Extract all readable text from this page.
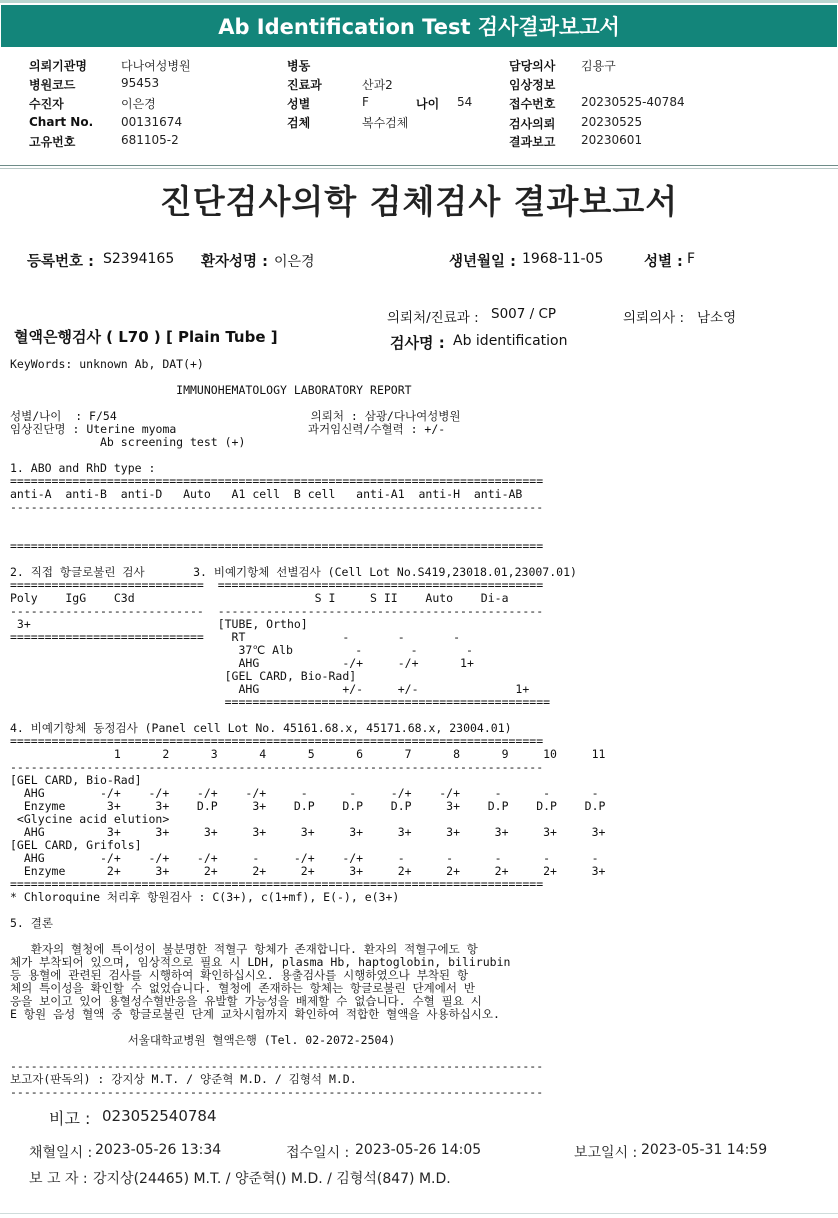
Ab Identification Test 검사결과보고서
의뢰기관명	다나여성병원
병원코드	95453
수진자	이은경
Chart No. 00131674
고유번호	681105-2
병동
진료과	산과2
성별	F	나이 54
검체	복수검체
담당의사 김용구
임상정보
접수번호 20230525-40784
검사의뢰 20230525
결과보고 20230601
진단검사의학 검체검사 결과보고서
등록번호 : S2394165 환자성명 : 이은경	생년월일 : 1968-11-05	성별 : F
의뢰처/진료과 : S007 / CP	의뢰의사 : 남소영
혈액은행검사 ( L70 ) [ Plain Tube ]	검사명 : Ab identification
KeyWords: unknown Ab, DAT(+)
IMMUNOHEMATOLOGY LABORATORY REPORT
성별/나이  : F/54                            의뢰처 : 삼광/다나여성병원
임상진단명 : Uterine myoma                   과거임신력/수혈력 : +/-
Ab screening test (+)
1. ABO and RhD type :
=============================================================================
anti-A  anti-B  anti-D   Auto   A1 cell  B cell   anti-A1  anti-H  anti-AB
-----------------------------------------------------------------------------
=============================================================================
2. 직접 항글로불린 검사       3. 비예기항체 선별검사 (Cell Lot No.S419,23018.01,23007.01)
============================  ===============================================
Poly    IgG    C3d                          S I     S II    Auto    Di-a
----------------------------  -----------------------------------------------
3+                           [TUBE, Ortho]
============================    RT              -       -       -
37℃ Alb         -       -       -
AHG            -/+     -/+      1+
[GEL CARD, Bio-Rad]
AHG            +/-     +/-              1+
===============================================
4. 비예기항체 동정검사 (Panel cell Lot No. 45161.68.x, 45171.68.x, 23004.01)
=============================================================================
1      2      3      4      5      6      7      8      9     10     11
-----------------------------------------------------------------------------
[GEL CARD, Bio-Rad]
AHG        -/+    -/+    -/+    -/+     -      -     -/+    -/+     -      -      -
Enzyme      3+     3+    D.P     3+    D.P    D.P    D.P     3+    D.P    D.P    D.P
<Glycine acid elution>
AHG         3+     3+     3+     3+     3+     3+     3+     3+     3+     3+     3+
[GEL CARD, Grifols]
AHG        -/+    -/+    -/+     -     -/+    -/+     -      -      -      -      -
Enzyme      2+     3+     2+     2+     2+     3+     2+     2+     2+     2+     3+
=============================================================================
* Chloroquine 처리후 항원검사 : C(3+), c(1+mf), E(-), e(3+)
5. 결론
환자의 혈청에 특이성이 불분명한 적혈구 항체가 존재합니다. 환자의 적혈구에도 항
체가 부착되어 있으며, 임상적으로 필요 시 LDH, plasma Hb, haptoglobin, bilirubin
등 용혈에 관련된 검사를 시행하여 확인하십시오. 용출검사를 시행하였으나 부착된 항
체의 특이성을 확인할 수 없었습니다. 혈청에 존재하는 항체는 항글로불린 단계에서 반
응을 보이고 있어 용혈성수혈반응을 유발할 가능성을 배제할 수 없습니다. 수혈 필요 시
E 항원 음성 혈액 중 항글로불린 단계 교차시험까지 확인하여 적합한 혈액을 사용하십시오.
서울대학교병원 혈액은행 (Tel. 02-2072-2504)
-----------------------------------------------------------------------------
보고자(판독의) : 강지상 M.T. / 양준혁 M.D. / 김형석 M.D.
-----------------------------------------------------------------------------
비고 : 023052540784
채혈일시 : 2023-05-26 13:34	접수일시 : 2023-05-26 14:05	보고일시 : 2023-05-31 14:59
보 고 자 : 강지상(24465) M.T. / 양준혁() M.D. / 김형석(847) M.D.
